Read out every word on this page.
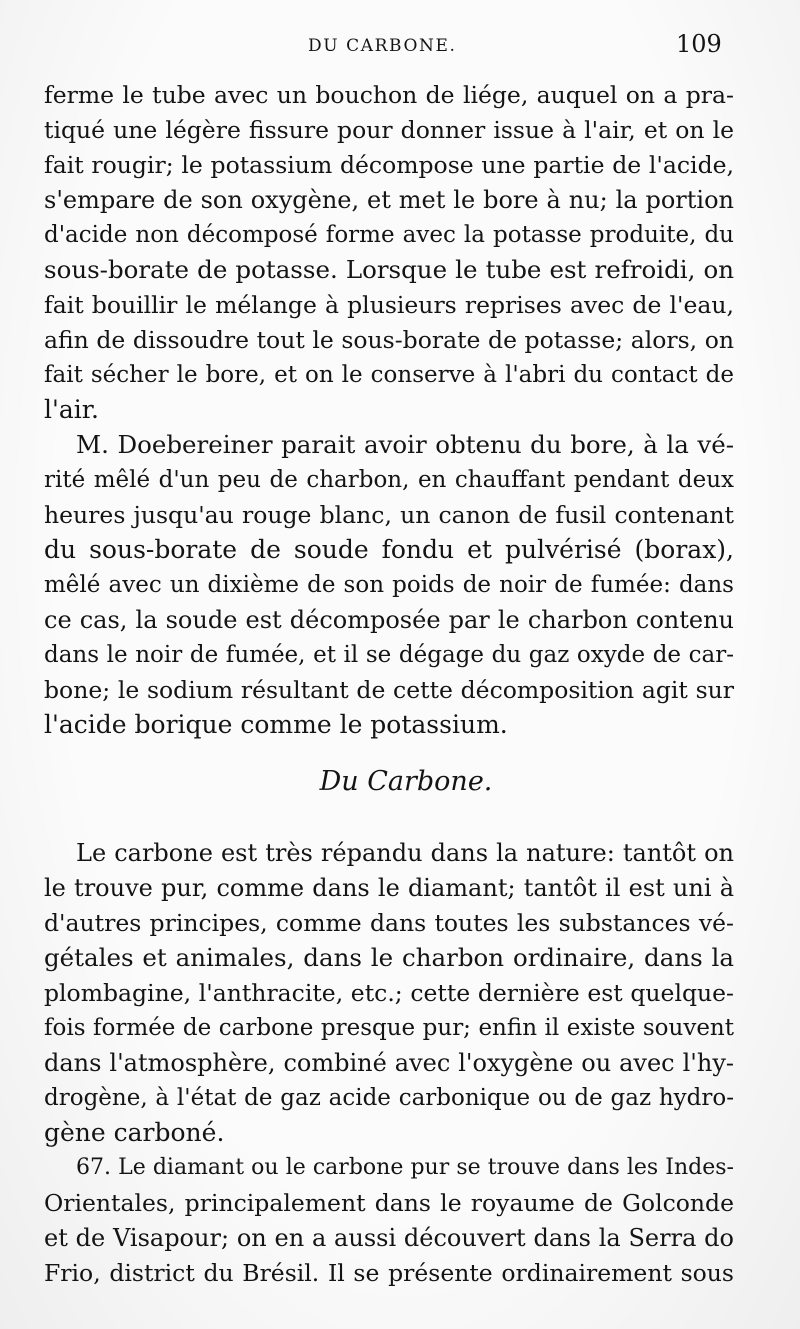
DU CARBONE.	109
ferme le tube avec un bouchon de liége, auquel on a pra-
tiqué une légère fissure pour donner issue à l'air, et on le
fait rougir; le potassium décompose une partie de l'acide,
s'empare de son oxygène, et met le bore à nu; la portion
d'acide non décomposé forme avec la potasse produite, du
sous-borate de potasse. Lorsque le tube est refroidi, on
fait bouillir le mélange à plusieurs reprises avec de l'eau,
afin de dissoudre tout le sous-borate de potasse; alors, on
fait sécher le bore, et on le conserve à l'abri du contact de
l'air.
M. Doebereiner parait avoir obtenu du bore, à la vé-
rité mêlé d'un peu de charbon, en chauffant pendant deux
heures jusqu'au rouge blanc, un canon de fusil contenant
du sous-borate de soude fondu et pulvérisé (borax),
mêlé avec un dixième de son poids de noir de fumée: dans
ce cas, la soude est décomposée par le charbon contenu
dans le noir de fumée, et il se dégage du gaz oxyde de car-
bone; le sodium résultant de cette décomposition agit sur
l'acide borique comme le potassium.
Du Carbone.
Le carbone est très répandu dans la nature: tantôt on
le trouve pur, comme dans le diamant; tantôt il est uni à
d'autres principes, comme dans toutes les substances vé-
gétales et animales, dans le charbon ordinaire, dans la
plombagine, l'anthracite, etc.; cette dernière est quelque-
fois formée de carbone presque pur; enfin il existe souvent
dans l'atmosphère, combiné avec l'oxygène ou avec l'hy-
drogène, à l'état de gaz acide carbonique ou de gaz hydro-
gène carboné.
67. Le diamant ou le carbone pur se trouve dans les Indes-
Orientales, principalement dans le royaume de Golconde
et de Visapour; on en a aussi découvert dans la Serra do
Frio, district du Brésil. Il se présente ordinairement sous
